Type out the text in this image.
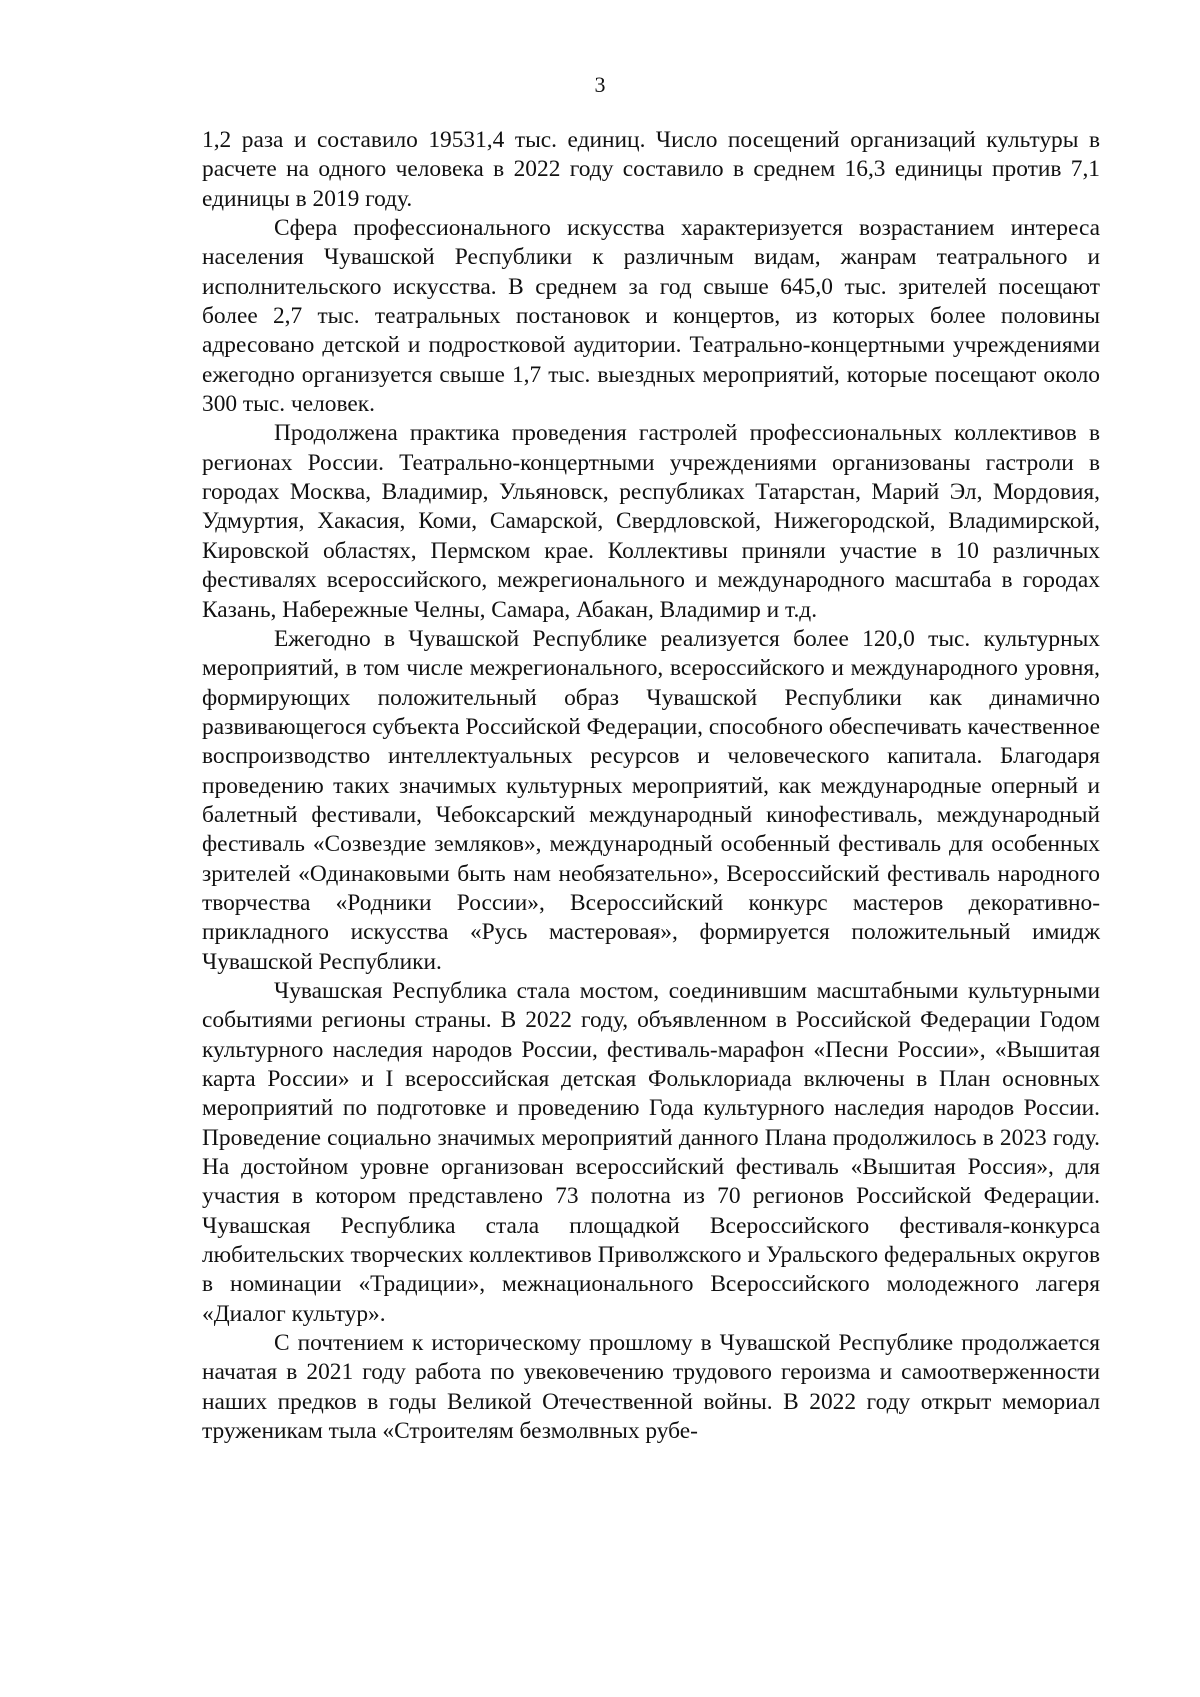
3

1,2 раза и составило 19531,4 тыс. единиц. Число посещений организаций культуры в расчете на одного человека в 2022 году составило в среднем 16,3 единицы против 7,1 единицы в 2019 году.

Сфера профессионального искусства характеризуется возрастанием интереса населения Чувашской Республики к различным видам, жанрам театрального и исполнительского искусства. В среднем за год свыше 645,0 тыс. зрителей посещают более 2,7 тыс. театральных постановок и концертов, из которых более половины адресовано детской и подростковой аудитории. Театрально-концертными учреждениями ежегодно организуется свыше 1,7 тыс. выездных мероприятий, которые посещают около 300 тыс. человек.

Продолжена практика проведения гастролей профессиональных коллективов в регионах России. Театрально-концертными учреждениями организованы гастроли в городах Москва, Владимир, Ульяновск, республиках Татарстан, Марий Эл, Мордовия, Удмуртия, Хакасия, Коми, Самарской, Свердловской, Нижегородской, Владимирской, Кировской областях, Пермском крае. Коллективы приняли участие в 10 различных фестивалях всероссийского, межрегионального и международного масштаба в городах Казань, Набережные Челны, Самара, Абакан, Владимир и т.д.

Ежегодно в Чувашской Республике реализуется более 120,0 тыс. культурных мероприятий, в том числе межрегионального, всероссийского и международного уровня, формирующих положительный образ Чувашской Республики как динамично развивающегося субъекта Российской Федерации, способного обеспечивать качественное воспроизводство интеллектуальных ресурсов и человеческого капитала. Благодаря проведению таких значимых культурных мероприятий, как международные оперный и балетный фестивали, Чебоксарский международный кинофестиваль, международный фестиваль «Созвездие земляков», международный особенный фестиваль для особенных зрителей «Одинаковыми быть нам необязательно», Всероссийский фестиваль народного творчества «Родники России», Всероссийский конкурс мастеров декоративно-прикладного искусства «Русь мастеровая», формируется положительный имидж Чувашской Республики.

Чувашская Республика стала мостом, соединившим масштабными культурными событиями регионы страны. В 2022 году, объявленном в Российской Федерации Годом культурного наследия народов России, фестиваль-марафон «Песни России», «Вышитая карта России» и I всероссийская детская Фольклориада включены в План основных мероприятий по подготовке и проведению Года культурного наследия народов России. Проведение социально значимых мероприятий данного Плана продолжилось в 2023 году. На достойном уровне организован всероссийский фестиваль «Вышитая Россия», для участия в котором представлено 73 полотна из 70 регионов Российской Федерации. Чувашская Республика стала площадкой Всероссийского фестиваля-конкурса любительских творческих коллективов Приволжского и Уральского федеральных округов в номинации «Традиции», межнационального Всероссийского молодежного лагеря «Диалог культур».

С почтением к историческому прошлому в Чувашской Республике продолжается начатая в 2021 году работа по увековечению трудового героизма и самоотверженности наших предков в годы Великой Отечественной войны. В 2022 году открыт мемориал труженикам тыла «Строителям безмолвных рубе-
